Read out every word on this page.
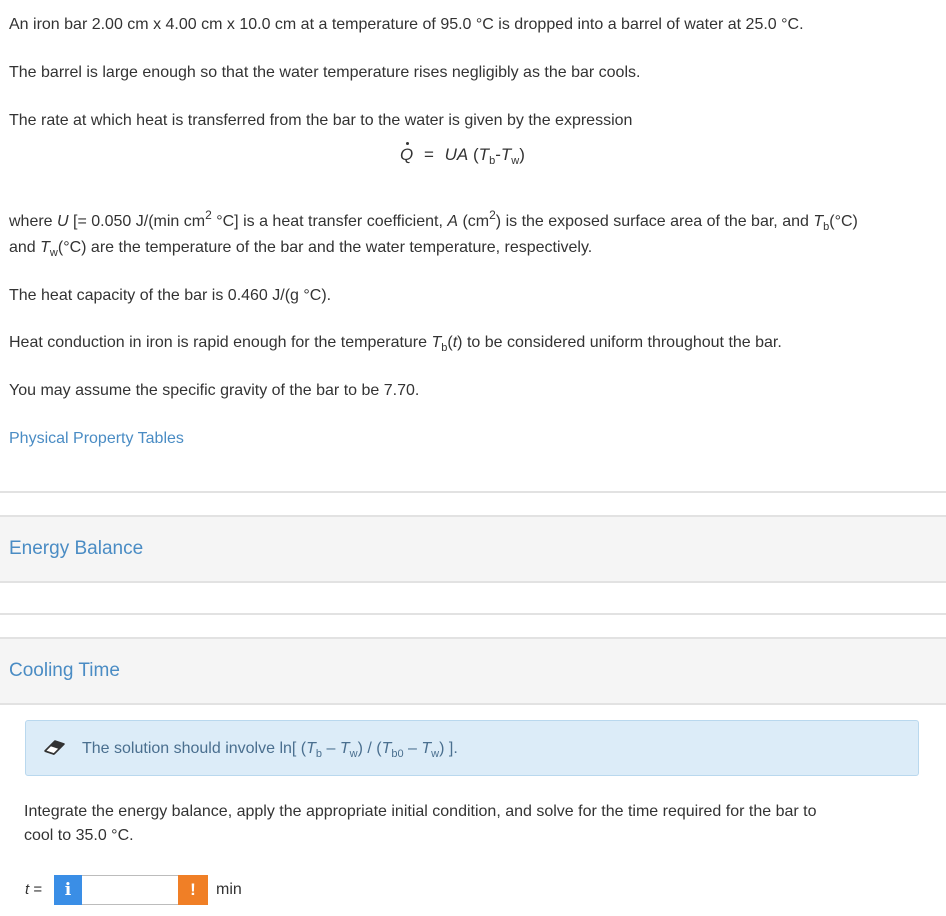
An iron bar 2.00 cm x 4.00 cm x 10.0 cm at a temperature of 95.0 °C is dropped into a barrel of water at 25.0 °C.
The barrel is large enough so that the water temperature rises negligibly as the bar cools.
The rate at which heat is transferred from the bar to the water is given by the expression
Q = UA $(T_b-T_w)$
where U [= 0.050 J/(min $cm^2$ °C] is a heat transfer coefficient, A $(cm^2)$ is the exposed surface area of the bar, and $T_b(^\circ C)$
and $T_w(^\circ C)$ are the temperature of the bar and the water temperature, respectively.
The heat capacity of the bar is 0.460 J/(g °C).
Heat conduction in iron is rapid enough for the temperature $T_b(t)$ to be considered uniform throughout the bar.
You may assume the specific gravity of the bar to be 7.70.
Physical Property Tables
Energy Balance
Cooling Time
The solution should involve ln[ $(T_b - T_w) / (T_{b0} - T_w)$ ].
Integrate the energy balance, apply the appropriate initial condition, and solve for the time required for the bar to
cool to 35.0 °C.
t =	i	!	min
